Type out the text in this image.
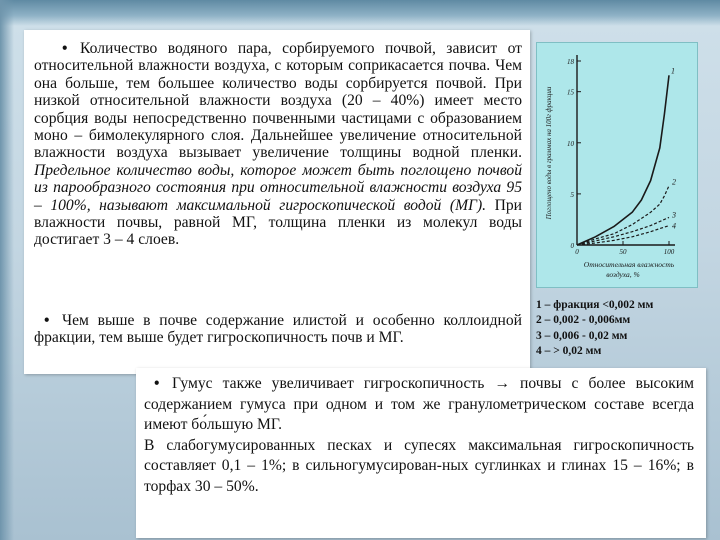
• Количество водяного пара, сорбируемого почвой, зависит от относительной влажности воздуха, с которым соприкасается почва. Чем она больше, тем большее количество воды сорбируется почвой. При низкой относительной влажности воздуха (20 – 40%) имеет место сорбция воды непосредственно почвенными частицами с образованием моно – бимолекулярного слоя. Дальнейшее увеличение относительной влажности воздуха вызывает увеличение толщины водной пленки. Предельное количество воды, которое может быть поглощено почвой из парообразного состояния при относительной влажности воздуха 95 – 100%, называют максимальной гигроскопической водой (МГ). При влажности почвы, равной МГ, толщина пленки из молекул воды достигает 3 – 4 слоев.

• Чем выше в почве содержание илистой и особенно коллоидной фракции, тем выше будет гигроскопичность почв и МГ.

0
5
10
15
18
0	50	100
1
2
3
4
Поглощено воды в граммах на 100г фракции
Относительная влажность
воздуха, %
1 – фракция <0,002 мм
2 – 0,002 - 0,006мм
3 – 0,006 - 0,02 мм
4 – > 0,02 мм

• Гумус также увеличивает гигроскопичность → почвы с более высоким содержанием гумуса при одном и том же гранулометрическом составе всегда имеют бо́льшую МГ.

В слабогумусированных песках и супесях максимальная гигроскопичность составляет 0,1 – 1%; в сильногумусирован-ных суглинках и глинах 15 – 16%; в торфах 30 – 50%.
